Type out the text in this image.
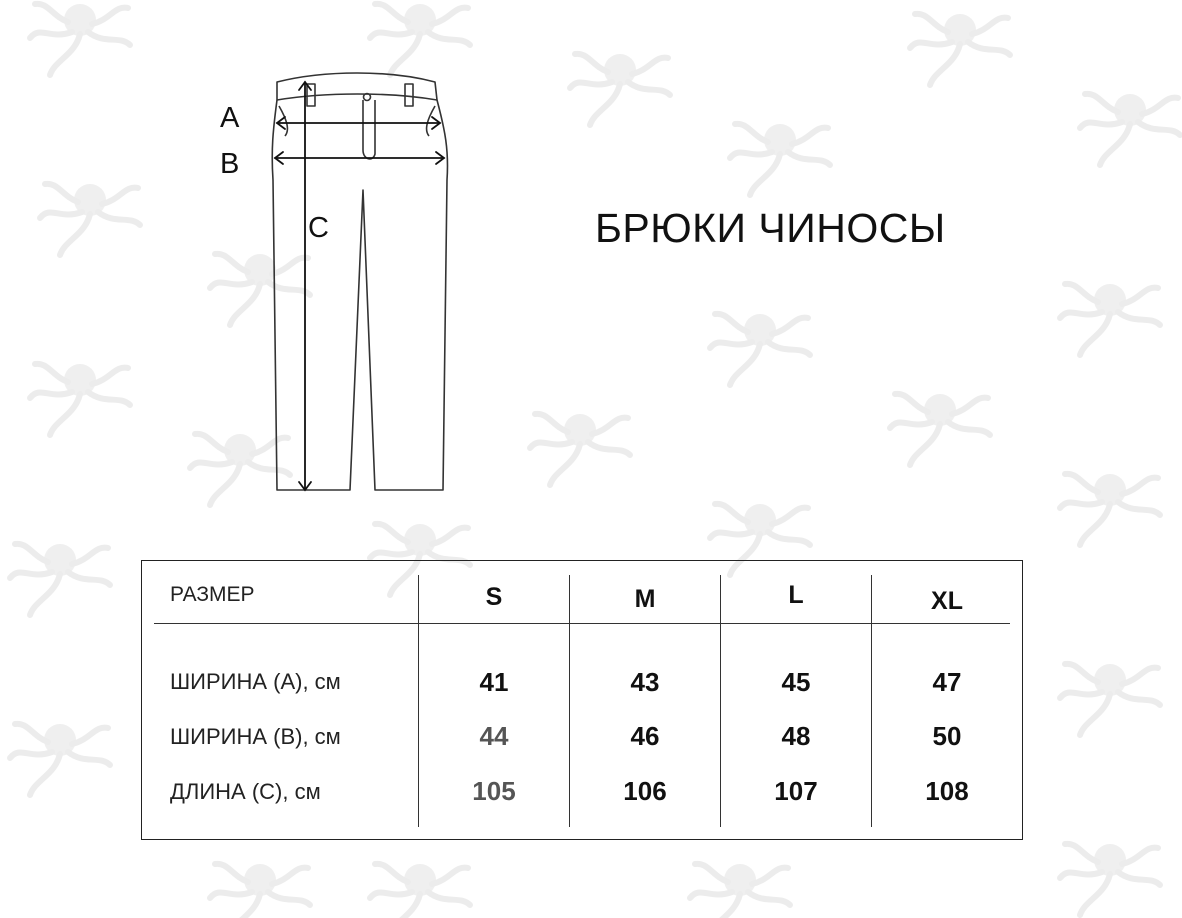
A
B
C	БРЮКИ ЧИНОСЫ
РАЗМЕР	S	M	L	XL
ШИРИНА (А), см	41	43	45	47
ШИРИНА (В), см	44	46	48	50
ДЛИНА (С), см	105	106	107	108
